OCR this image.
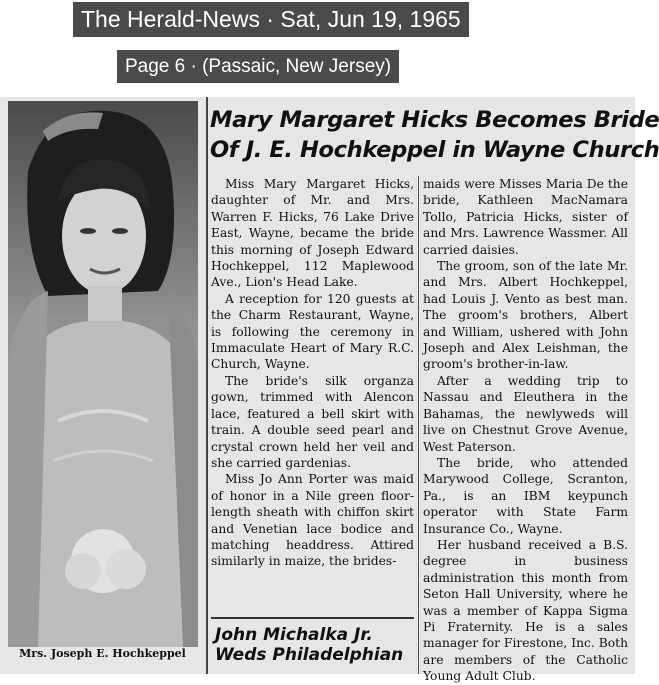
The Herald-News · Sat, Jun 19, 1965
Page 6 · (Passaic, New Jersey)
Mrs. Joseph E. Hochkeppel
Mary Margaret Hicks Becomes Bride
Of J. E. Hochkeppel in Wayne Church

Miss Mary Margaret Hicks, daughter of Mr. and Mrs. Warren F. Hicks, 76 Lake Drive East, Wayne, became the bride this morning of Joseph Edward Hochkeppel, 112 Maplewood Ave., Lion's Head Lake.

A reception for 120 guests at the Charm Restaurant, Wayne, is following the ceremony in Immaculate Heart of Mary R.C. Church, Wayne.

The bride's silk organza gown, trimmed with Alencon lace, featured a bell skirt with train. A double seed pearl and crystal crown held her veil and she carried gardenias.

Miss Jo Ann Porter was maid of honor in a Nile green floor-length sheath with chiffon skirt and Venetian lace bodice and matching headdress. Attired similarly in maize, the brides-

maids were Misses Maria De the bride, Kathleen MacNamara Tollo, Patricia Hicks, sister of and Mrs. Lawrence Wassmer. All carried daisies.

The groom, son of the late Mr. and Mrs. Albert Hochkeppel, had Louis J. Vento as best man. The groom's brothers, Albert and William, ushered with John Joseph and Alex Leishman, the groom's brother-in-law.

After a wedding trip to Nassau and Eleuthera in the Bahamas, the newlyweds will live on Chestnut Grove Avenue, West Paterson.

The bride, who attended Marywood College, Scranton, Pa., is an IBM keypunch operator with State Farm Insurance Co., Wayne.

Her husband received a B.S. degree in business administration this month from Seton Hall University, where he was a member of Kappa Sigma Pi Fraternity. He is a sales manager for Firestone, Inc. Both are members of the Catholic Young Adult Club.

John Michalka Jr.
Weds Philadelphian
